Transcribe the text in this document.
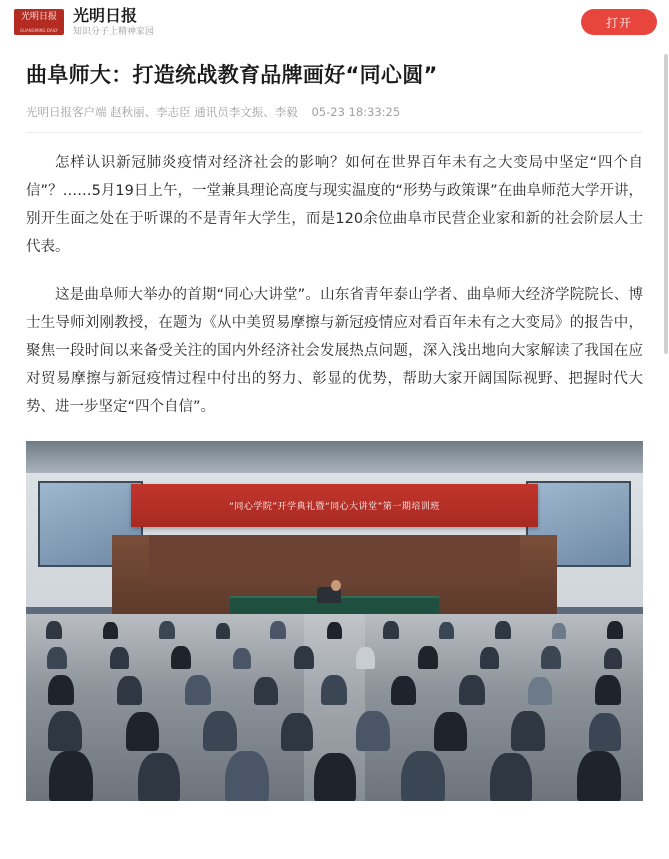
光明日报
GUANGMING DAILY
光明日报
知识分子上精神家园
打开
曲阜师大：打造统战教育品牌画好“同心圆”
光明日报客户端 赵秋丽、李志臣 通讯员李文振、李毅 05-23 18:33:25

怎样认识新冠肺炎疫情对经济社会的影响？如何在世界百年未有之大变局中坚定“四个自信”？……5月19日上午，一堂兼具理论高度与现实温度的“形势与政策课”在曲阜师范大学开讲，别开生面之处在于听课的不是青年大学生，而是120余位曲阜市民营企业家和新的社会阶层人士代表。

这是曲阜师大举办的首期“同心大讲堂”。山东省青年泰山学者、曲阜师大经济学院院长、博士生导师刘刚教授，在题为《从中美贸易摩擦与新冠疫情应对看百年未有之大变局》的报告中，聚焦一段时间以来备受关注的国内外经济社会发展热点问题，深入浅出地向大家解读了我国在应对贸易摩擦与新冠疫情过程中付出的努力、彰显的优势，帮助大家开阔国际视野、把握时代大势、进一步坚定“四个自信”。

“同心学院”开学典礼暨“同心大讲堂”第一期培训班
